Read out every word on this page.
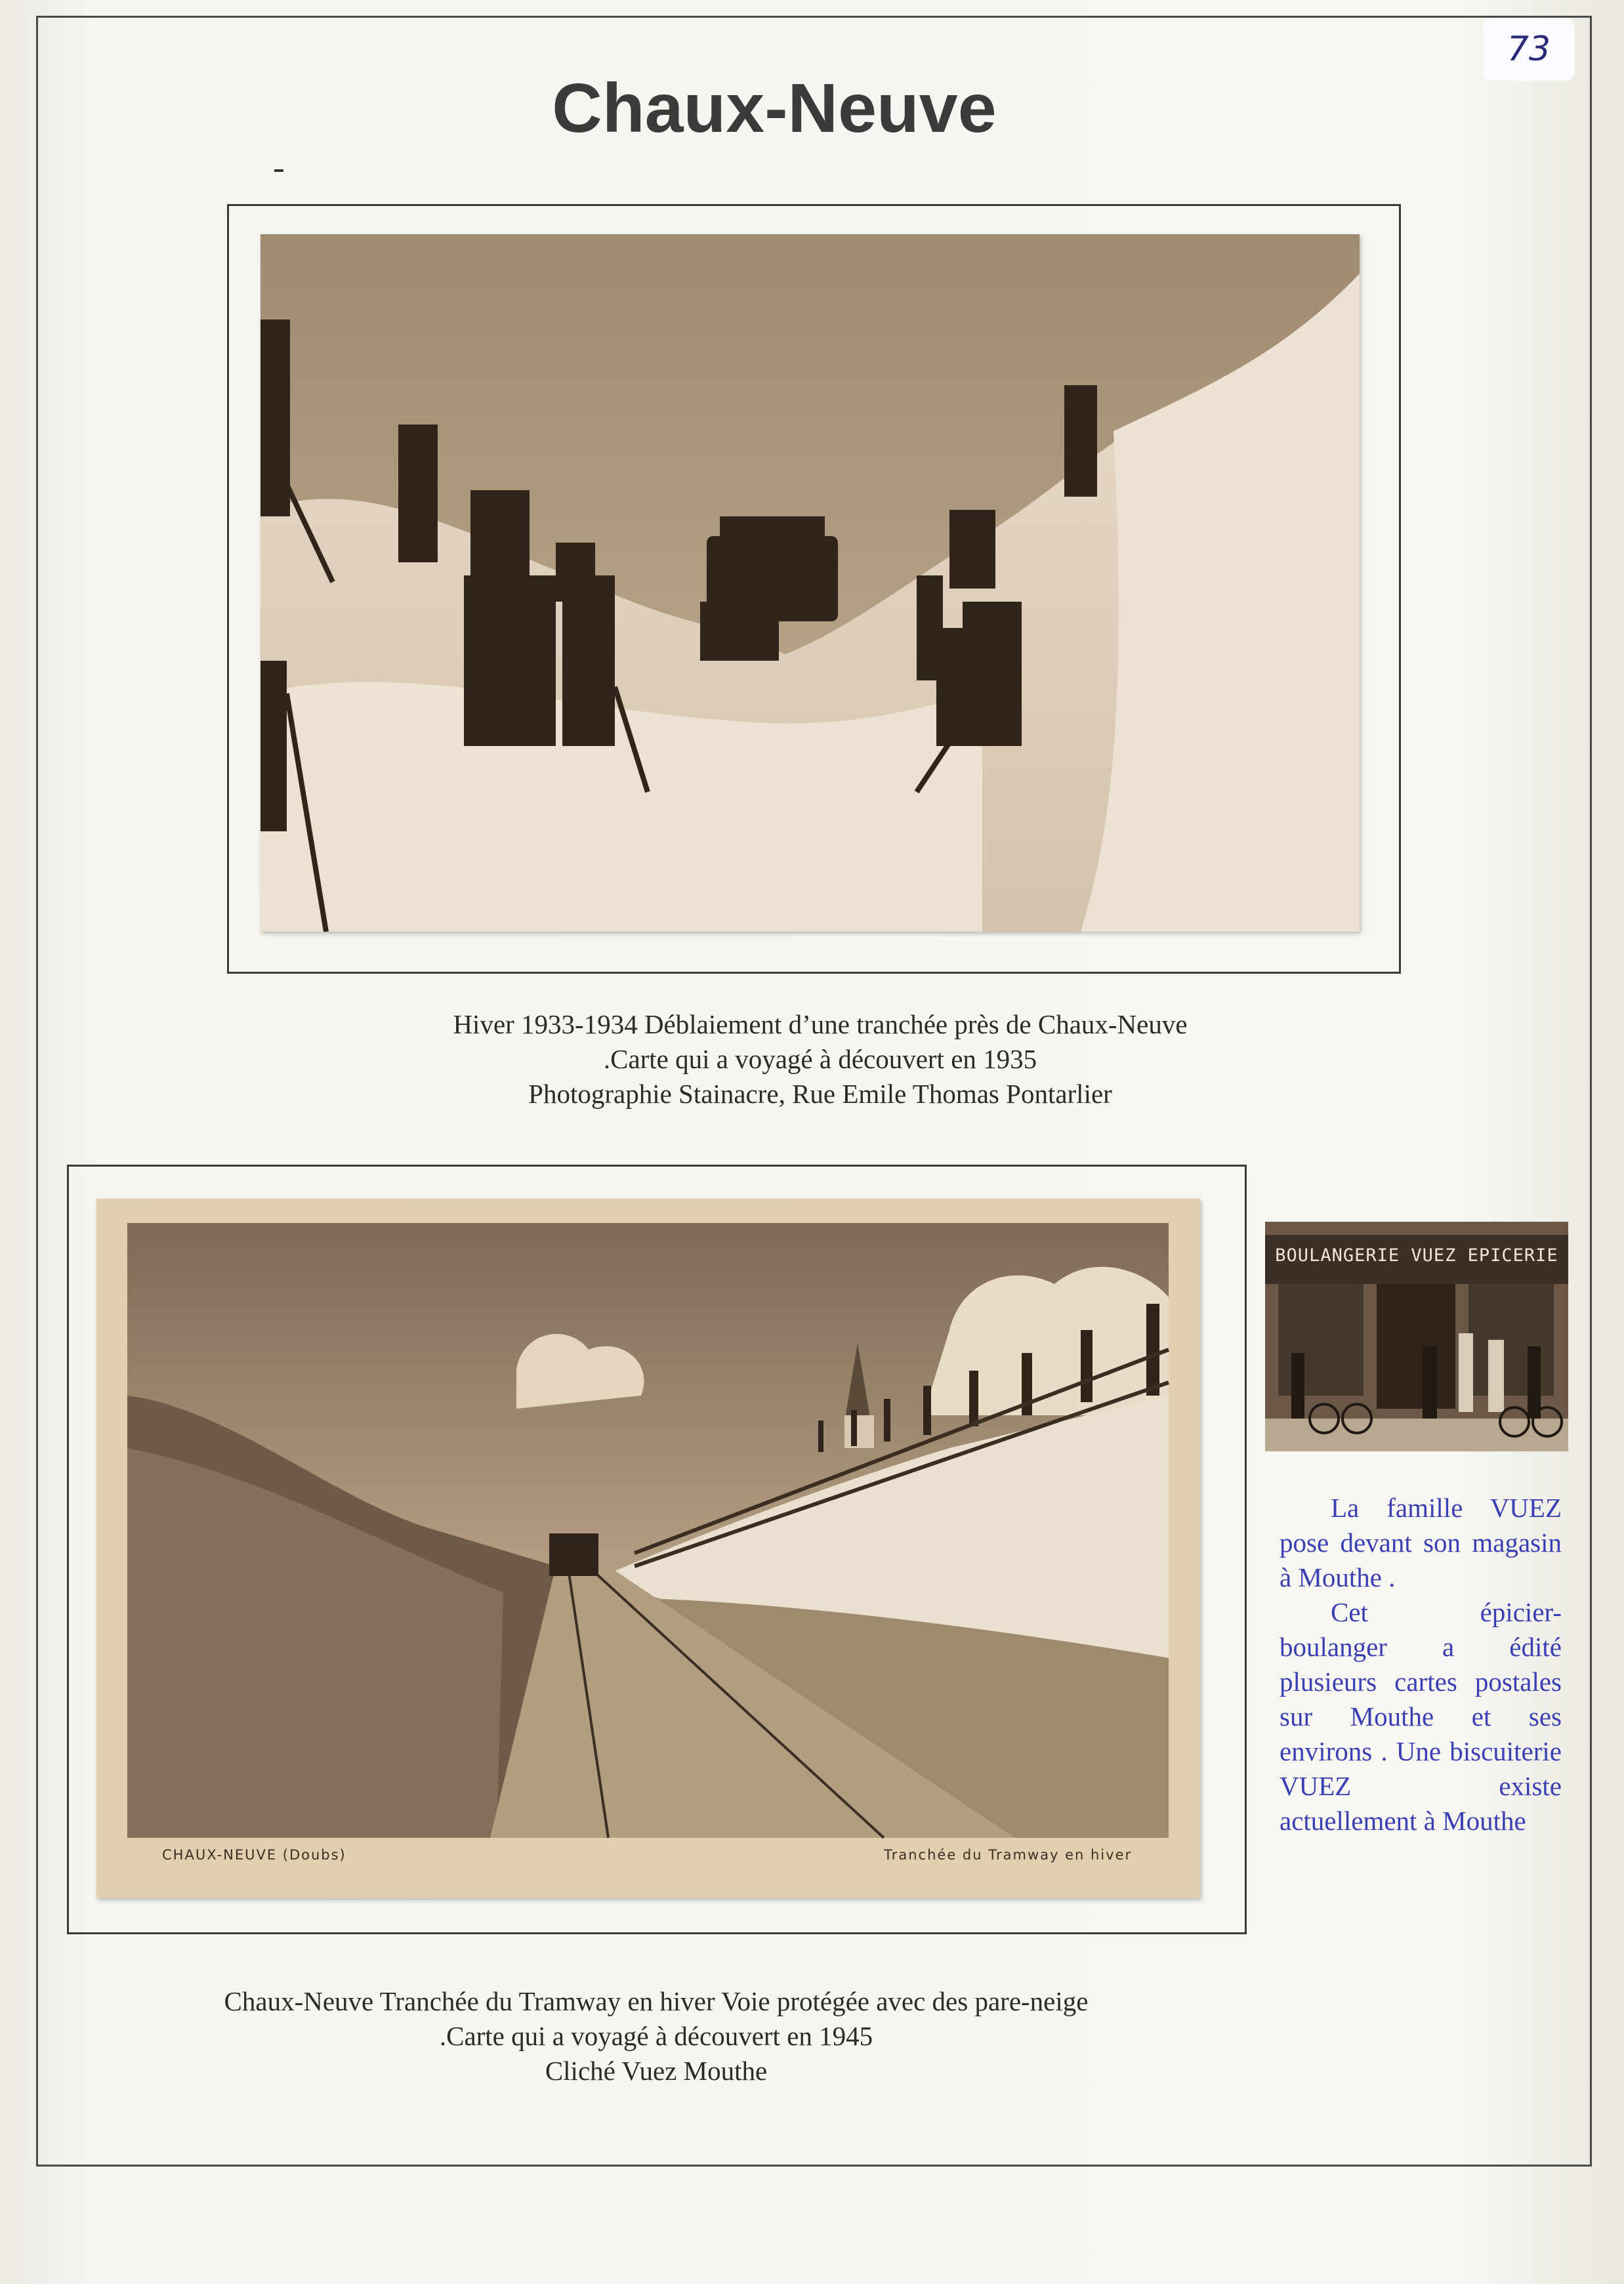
73
Chaux-Neuve
Hiver 1933-1934 Déblaiement d’une tranchée près de Chaux-Neuve
.Carte qui a voyagé à découvert en 1935
Photographie Stainacre, Rue Emile Thomas Pontarlier
CHAUX-NEUVE (Doubs)	Tranchée du Tramway en hiver
Chaux-Neuve Tranchée du Tramway en hiver Voie protégée avec des pare-neige
.Carte qui a voyagé à découvert en 1945
Cliché Vuez Mouthe
BOULANGERIE VUEZ EPICERIE

La famille VUEZ pose devant son magasin à Mouthe .

Cet épicier-boulanger a édité plusieurs cartes postales sur Mouthe et ses environs . Une biscuiterie VUEZ existe actuellement à Mouthe
